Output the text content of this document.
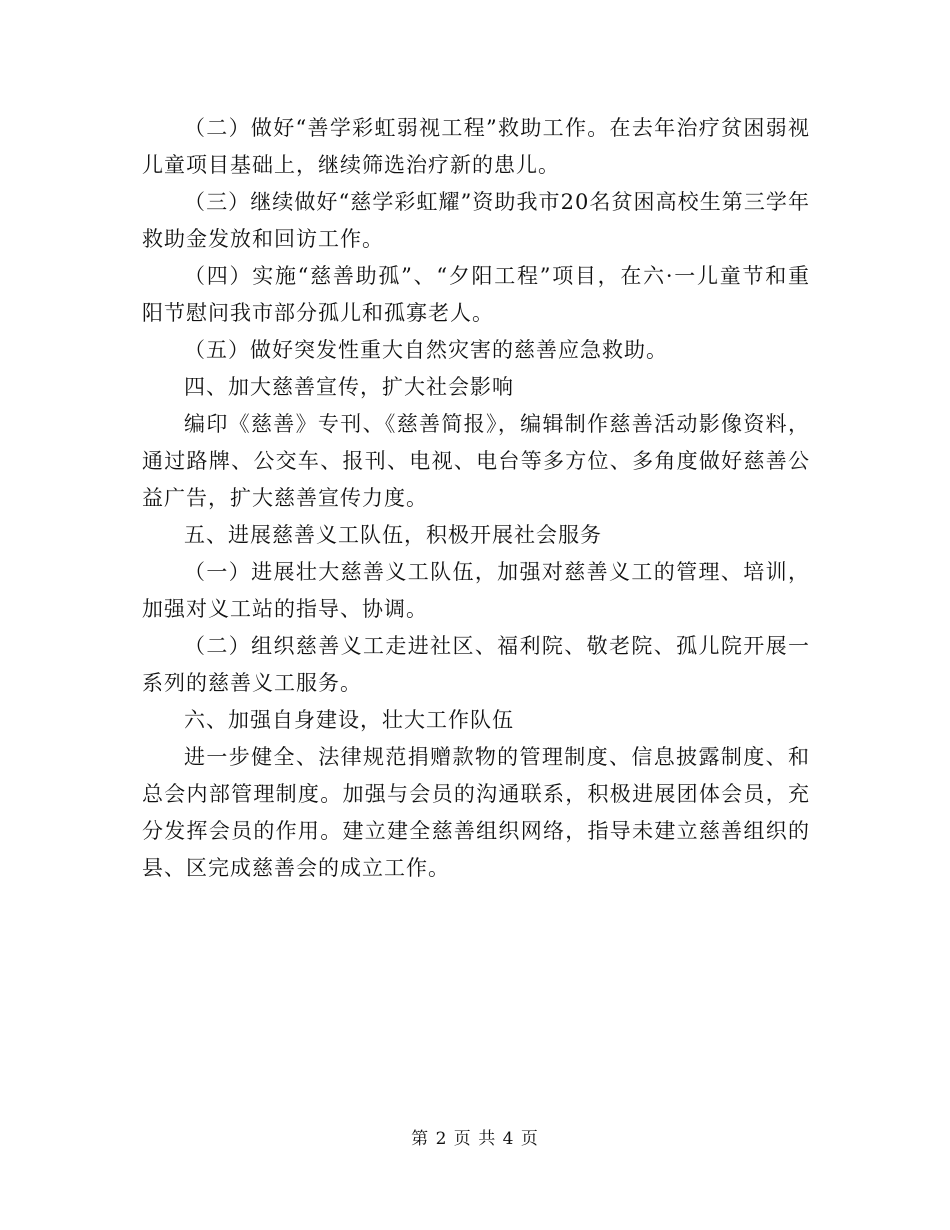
（二）做好“善学彩虹弱视工程”救助工作。在去年治疗贫困弱视儿童项目基础上，继续筛选治疗新的患儿。

（三）继续做好“慈学彩虹耀”资助我市20名贫困高校生第三学年救助金发放和回访工作。

（四）实施“慈善助孤”、“夕阳工程”项目，在六·一儿童节和重阳节慰问我市部分孤儿和孤寡老人。

（五）做好突发性重大自然灾害的慈善应急救助。

四、加大慈善宣传，扩大社会影响

编印《慈善》专刊、《慈善简报》，编辑制作慈善活动影像资料，通过路牌、公交车、报刊、电视、电台等多方位、多角度做好慈善公益广告，扩大慈善宣传力度。

五、进展慈善义工队伍，积极开展社会服务

（一）进展壮大慈善义工队伍，加强对慈善义工的管理、培训，加强对义工站的指导、协调。

（二）组织慈善义工走进社区、福利院、敬老院、孤儿院开展一系列的慈善义工服务。

六、加强自身建设，壮大工作队伍

进一步健全、法律规范捐赠款物的管理制度、信息披露制度、和总会内部管理制度。加强与会员的沟通联系，积极进展团体会员，充分发挥会员的作用。建立建全慈善组织网络，指导未建立慈善组织的县、区完成慈善会的成立工作。

第 2 页 共 4 页
